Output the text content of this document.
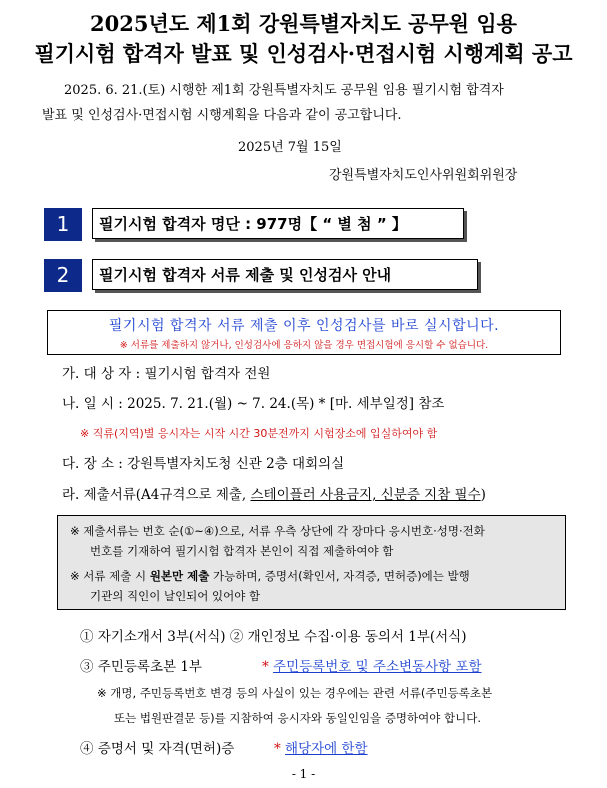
2025년도 제1회 강원특별자치도 공무원 임용
필기시험 합격자 발표 및 인성검사·면접시험 시행계획 공고
2025. 6. 21.(토) 시행한 제1회 강원특별자치도 공무원 임용 필기시험 합격자
발표 및 인성검사·면접시험 시행계획을 다음과 같이 공고합니다.
2025년 7월 15일
강원특별자치도인사위원회위원장
1	필기시험 합격자 명단 : 977명【 “ 별 첨 ” 】
2	필기시험 합격자 서류 제출 및 인성검사 안내
필기시험 합격자 서류 제출 이후 인성검사를 바로 실시합니다.
※ 서류를 제출하지 않거나, 인성검사에 응하지 않을 경우 면접시험에 응시할 수 없습니다.
가. 대 상 자 : 필기시험 합격자 전원
나. 일 시 : 2025. 7. 21.(월) ~ 7. 24.(목) * [마. 세부일정] 참조
※ 직류(지역)별 응시자는 시작 시간 30분전까지 시험장소에 입실하여야 함
다. 장 소 : 강원특별자치도청 신관 2층 대회의실
라. 제출서류(A4규격으로 제출, 스테이플러 사용금지, 신분증 지참 필수)
※ 제출서류는 번호 순(①~④)으로, 서류 우측 상단에 각 장마다 응시번호·성명·전화
번호를 기재하여 필기시험 합격자 본인이 직접 제출하여야 함
※ 서류 제출 시 원본만 제출 가능하며, 증명서(확인서, 자격증, 면허증)에는 발행
기관의 직인이 날인되어 있어야 함
① 자기소개서 3부(서식) ② 개인정보 수집·이용 동의서 1부(서식)
③ 주민등록초본 1부	* 주민등록번호 및 주소변동사항 포함
※ 개명, 주민등록번호 변경 등의 사실이 있는 경우에는 관련 서류(주민등록초본
또는 법원판결문 등)를 지참하여 응시자와 동일인임을 증명하여야 합니다.
④ 증명서 및 자격(면허)증	* 해당자에 한함
- 1 -
